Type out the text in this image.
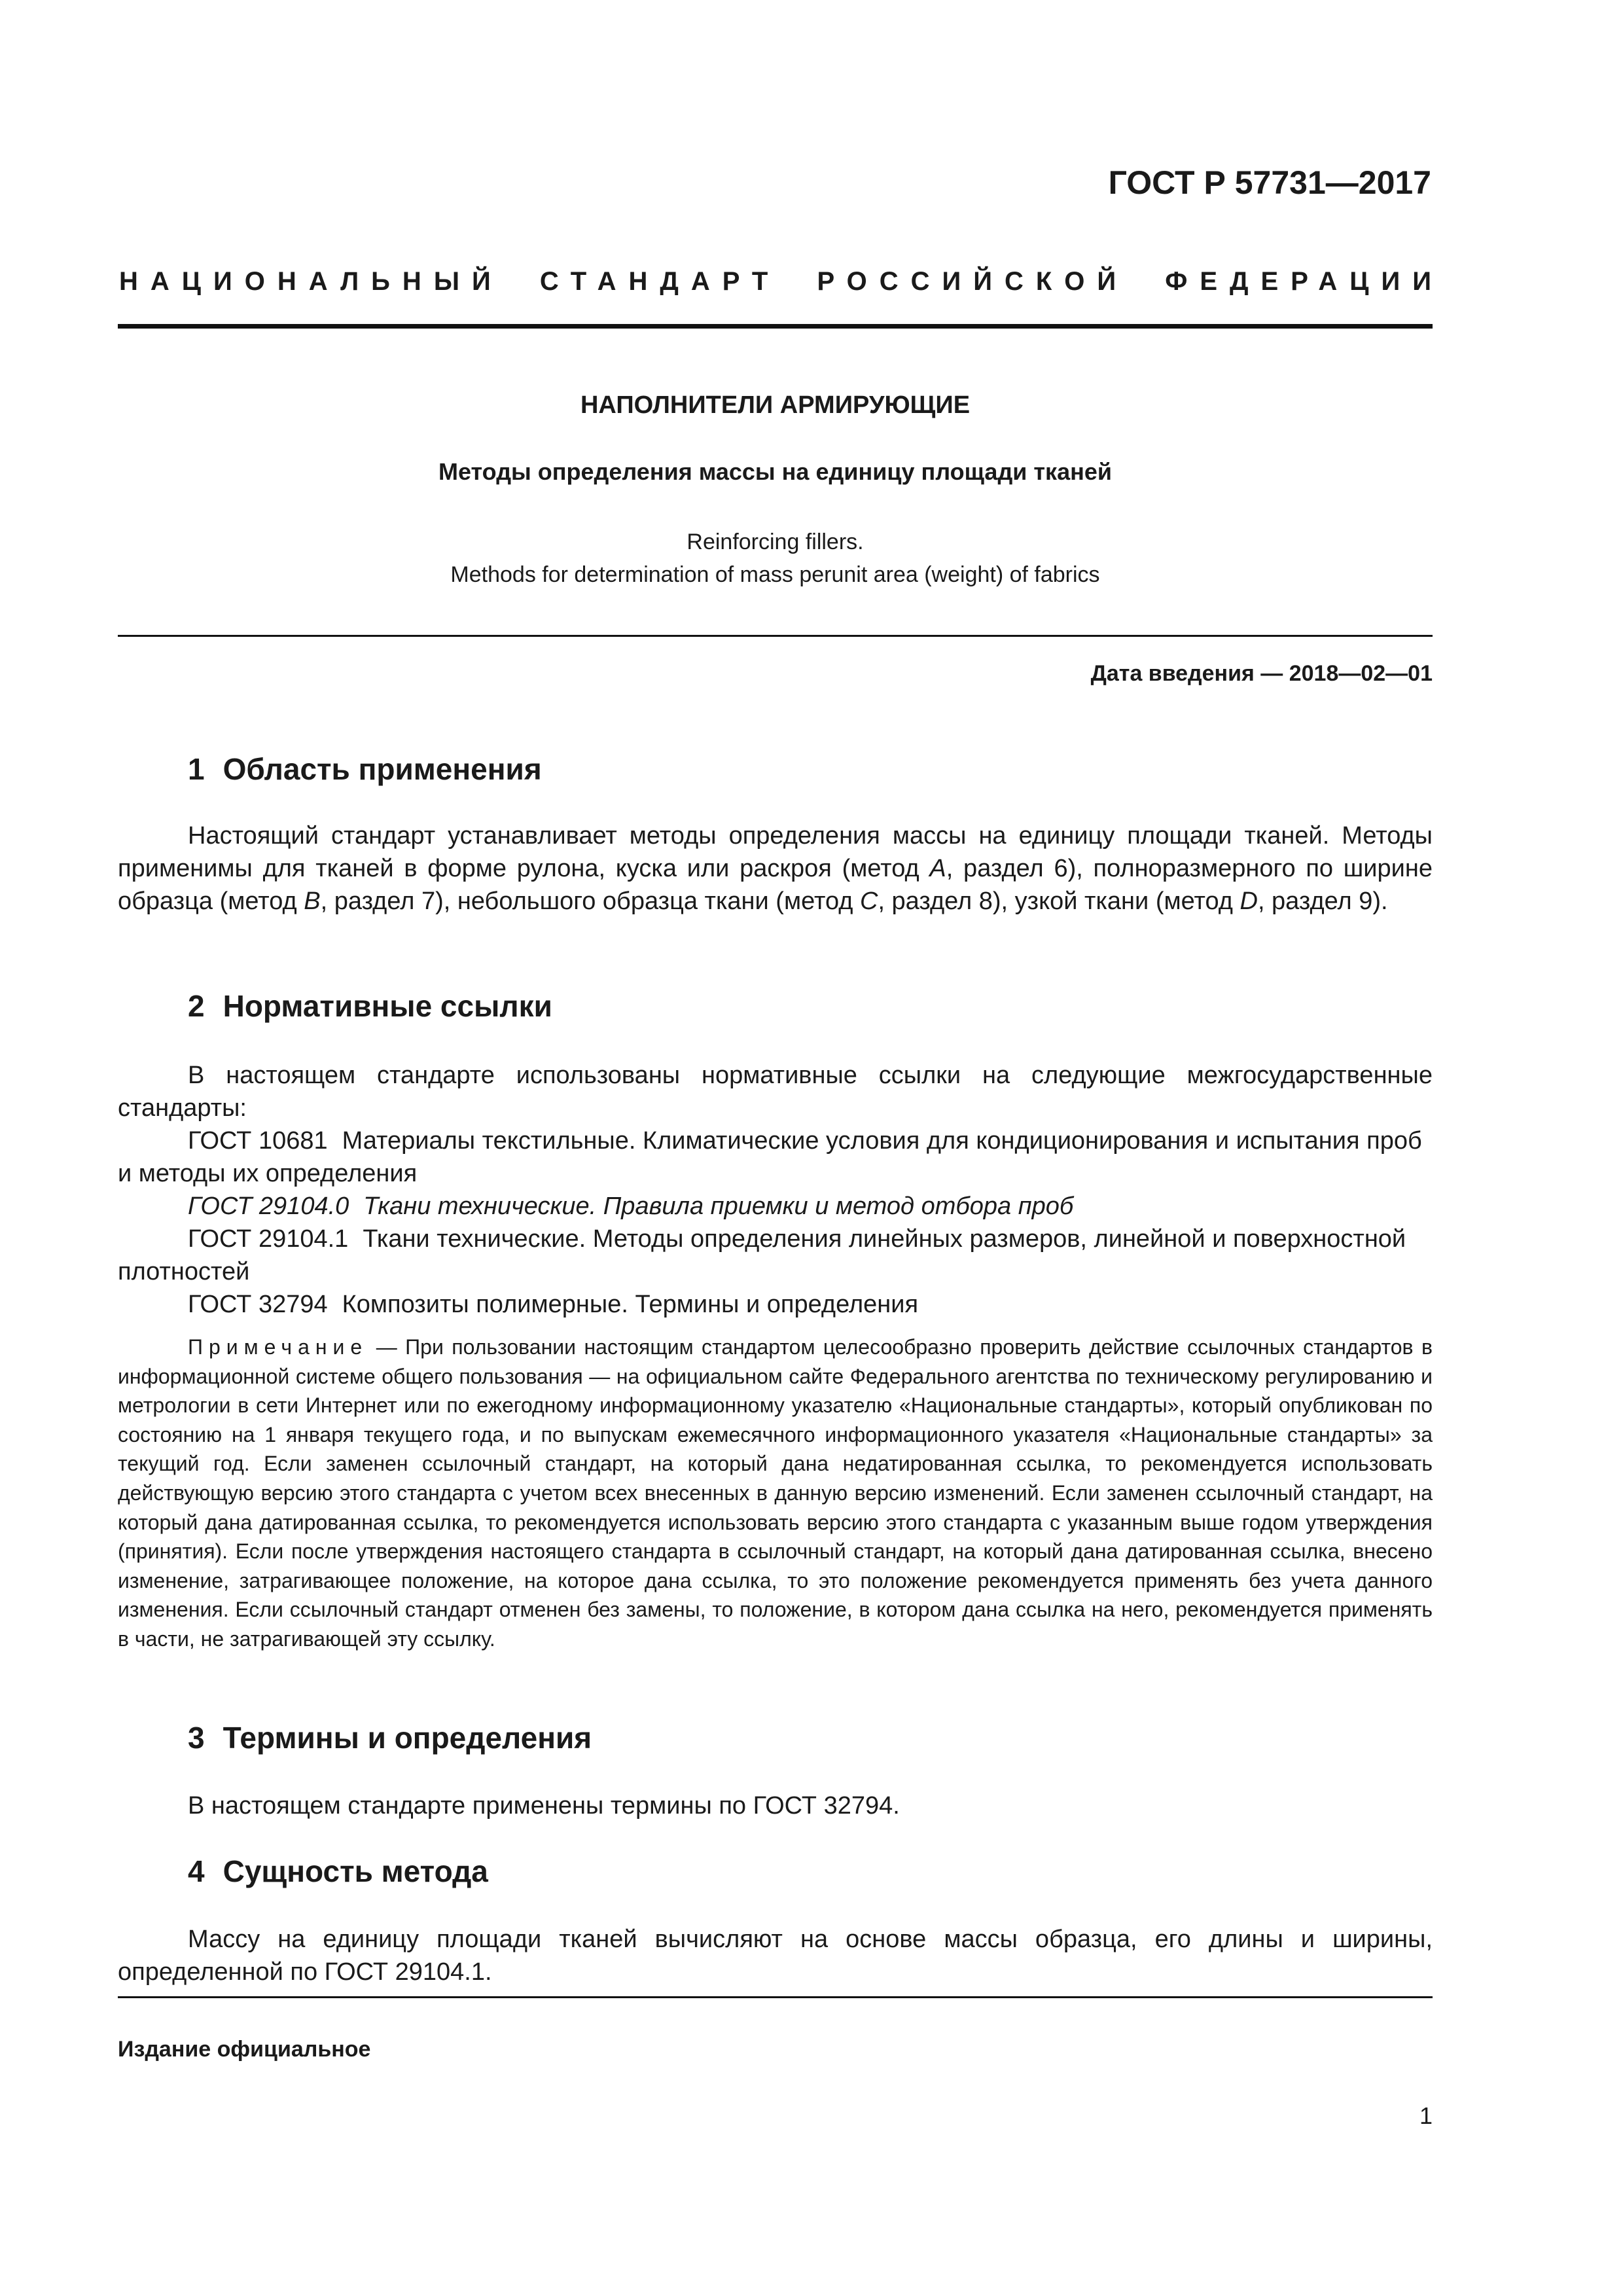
ГОСТ Р 57731—2017
НАЦИОНАЛЬНЫЙ СТАНДАРТ РОССИЙСКОЙ ФЕДЕРАЦИИ
НАПОЛНИТЕЛИ АРМИРУЮЩИЕ
Методы определения массы на единицу площади тканей
Reinforcing fillers.
Methods for determination of mass perunit area (weight) of fabrics
Дата введения — 2018—02—01
1 Область применения

Настоящий стандарт устанавливает методы определения массы на единицу площади тканей. Методы применимы для тканей в форме рулона, куска или раскроя (метод A, раздел 6), полноразмерного по ширине образца (метод B, раздел 7), небольшого образца ткани (метод C, раздел 8), узкой ткани (метод D, раздел 9).

2 Нормативные ссылки

В настоящем стандарте использованы нормативные ссылки на следующие межгосударственные стандарты:

ГОСТ 10681 Материалы текстильные. Климатические условия для кондиционирования и испытания проб и методы их определения

ГОСТ 29104.0 Ткани технические. Правила приемки и метод отбора проб

ГОСТ 29104.1 Ткани технические. Методы определения линейных размеров, линейной и поверхностной плотностей

ГОСТ 32794 Композиты полимерные. Термины и определения

Примечание — При пользовании настоящим стандартом целесообразно проверить действие ссылочных стандартов в информационной системе общего пользования — на официальном сайте Федерального агентства по техническому регулированию и метрологии в сети Интернет или по ежегодному информационному указателю «Национальные стандарты», который опубликован по состоянию на 1 января текущего года, и по выпускам ежемесячного информационного указателя «Национальные стандарты» за текущий год. Если заменен ссылочный стандарт, на который дана недатированная ссылка, то рекомендуется использовать действующую версию этого стандарта с учетом всех внесенных в данную версию изменений. Если заменен ссылочный стандарт, на который дана датированная ссылка, то рекомендуется использовать версию этого стандарта с указанным выше годом утверждения (принятия). Если после утверждения настоящего стандарта в ссылочный стандарт, на который дана датированная ссылка, внесено изменение, затрагивающее положение, на которое дана ссылка, то это положение рекомендуется применять без учета данного изменения. Если ссылочный стандарт отменен без замены, то положение, в котором дана ссылка на него, рекомендуется применять в части, не затрагивающей эту ссылку.

3 Термины и определения

В настоящем стандарте применены термины по ГОСТ 32794.

4 Сущность метода

Массу на единицу площади тканей вычисляют на основе массы образца, его длины и ширины, определенной по ГОСТ 29104.1.

Издание официальное
1
